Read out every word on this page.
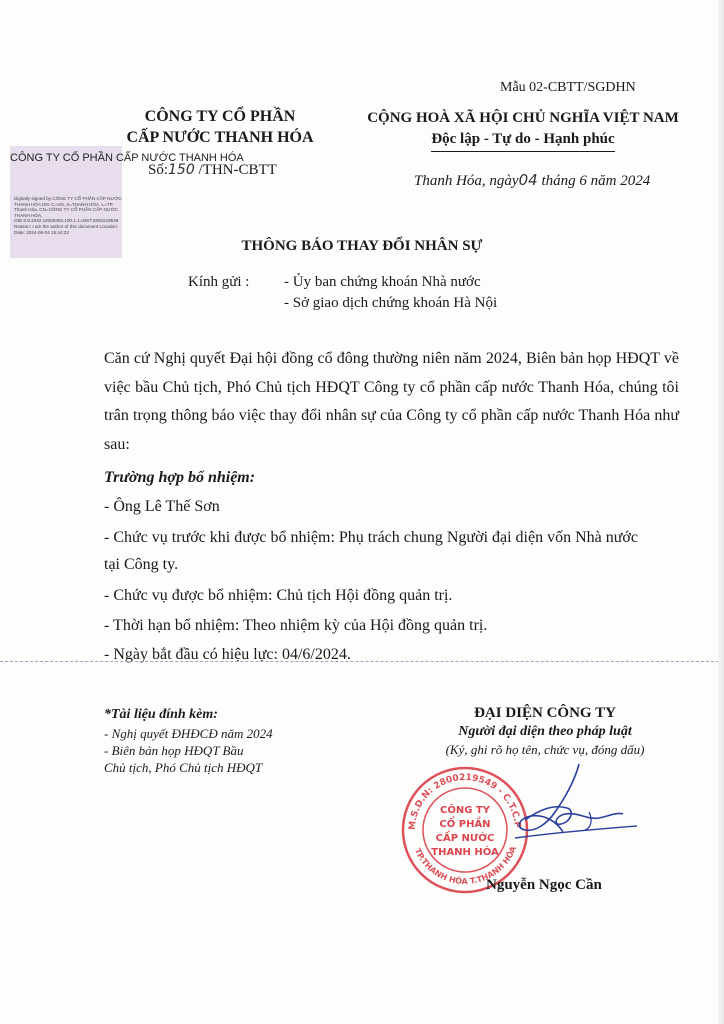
Mẫu 02-CBTT/SGDHN
CÔNG TY CỔ PHẦN
CẤP NƯỚC THANH HÓA
CỘNG HOÀ XÃ HỘI CHỦ NGHĨA VIỆT NAM
Độc lập - Tự do - Hạnh phúc
CÔNG TY CỔ PHẦN CẤP NƯỚC THANH HÓA
Digitally signed by CÔNG TY CỔ PHẦN CẤP NƯỚC THANH HÓA DN: C=VN, S=THANH HÓA, L=TP. Thanh Hóa, CN=CÔNG TY CỔ PHẦN CẤP NƯỚC THANH HÓA, OID.0.9.2342.19200300.100.1.1=MST:2800219549 Reason: I am the author of this document Location: Date: 2024-06-04 15:44:33
Số:150 /THN-CBTT
Thanh Hóa, ngày04 tháng 6 năm 2024
THÔNG BÁO THAY ĐỔI NHÂN SỰ
Kính gửi : - Ủy ban chứng khoán Nhà nước
- Sở giao dịch chứng khoán Hà Nội
Căn cứ Nghị quyết Đại hội đồng cổ đông thường niên năm 2024, Biên bản họp HĐQT về việc bầu Chủ tịch, Phó Chủ tịch HĐQT Công ty cổ phần cấp nước Thanh Hóa, chúng tôi trân trọng thông báo việc thay đổi nhân sự của Công ty cổ phần cấp nước Thanh Hóa như sau:
Trường hợp bổ nhiệm:
- Ông Lê Thế Sơn
- Chức vụ trước khi được bổ nhiệm: Phụ trách chung Người đại diện vốn Nhà nước
tại Công ty.
- Chức vụ được bổ nhiệm: Chủ tịch Hội đồng quản trị.
- Thời hạn bổ nhiệm: Theo nhiệm kỳ của Hội đồng quản trị.
- Ngày bắt đầu có hiệu lực: 04/6/2024.
*Tài liệu đính kèm:
- Nghị quyết ĐHĐCĐ năm 2024
- Biên bản họp HĐQT Bầu
Chủ tịch, Phó Chủ tịch HĐQT
ĐẠI DIỆN CÔNG TY
Người đại diện theo pháp luật
(Ký, ghi rõ họ tên, chức vụ, đóng dấu)
M.S.D.N: 2800219549 - C.T.C.P
TP.THANH HÓA T.THANH HÓA
CÔNG TY
CỔ PHẦN
CẤP NƯỚC
THANH HÓA
Nguyễn Ngọc Cần
